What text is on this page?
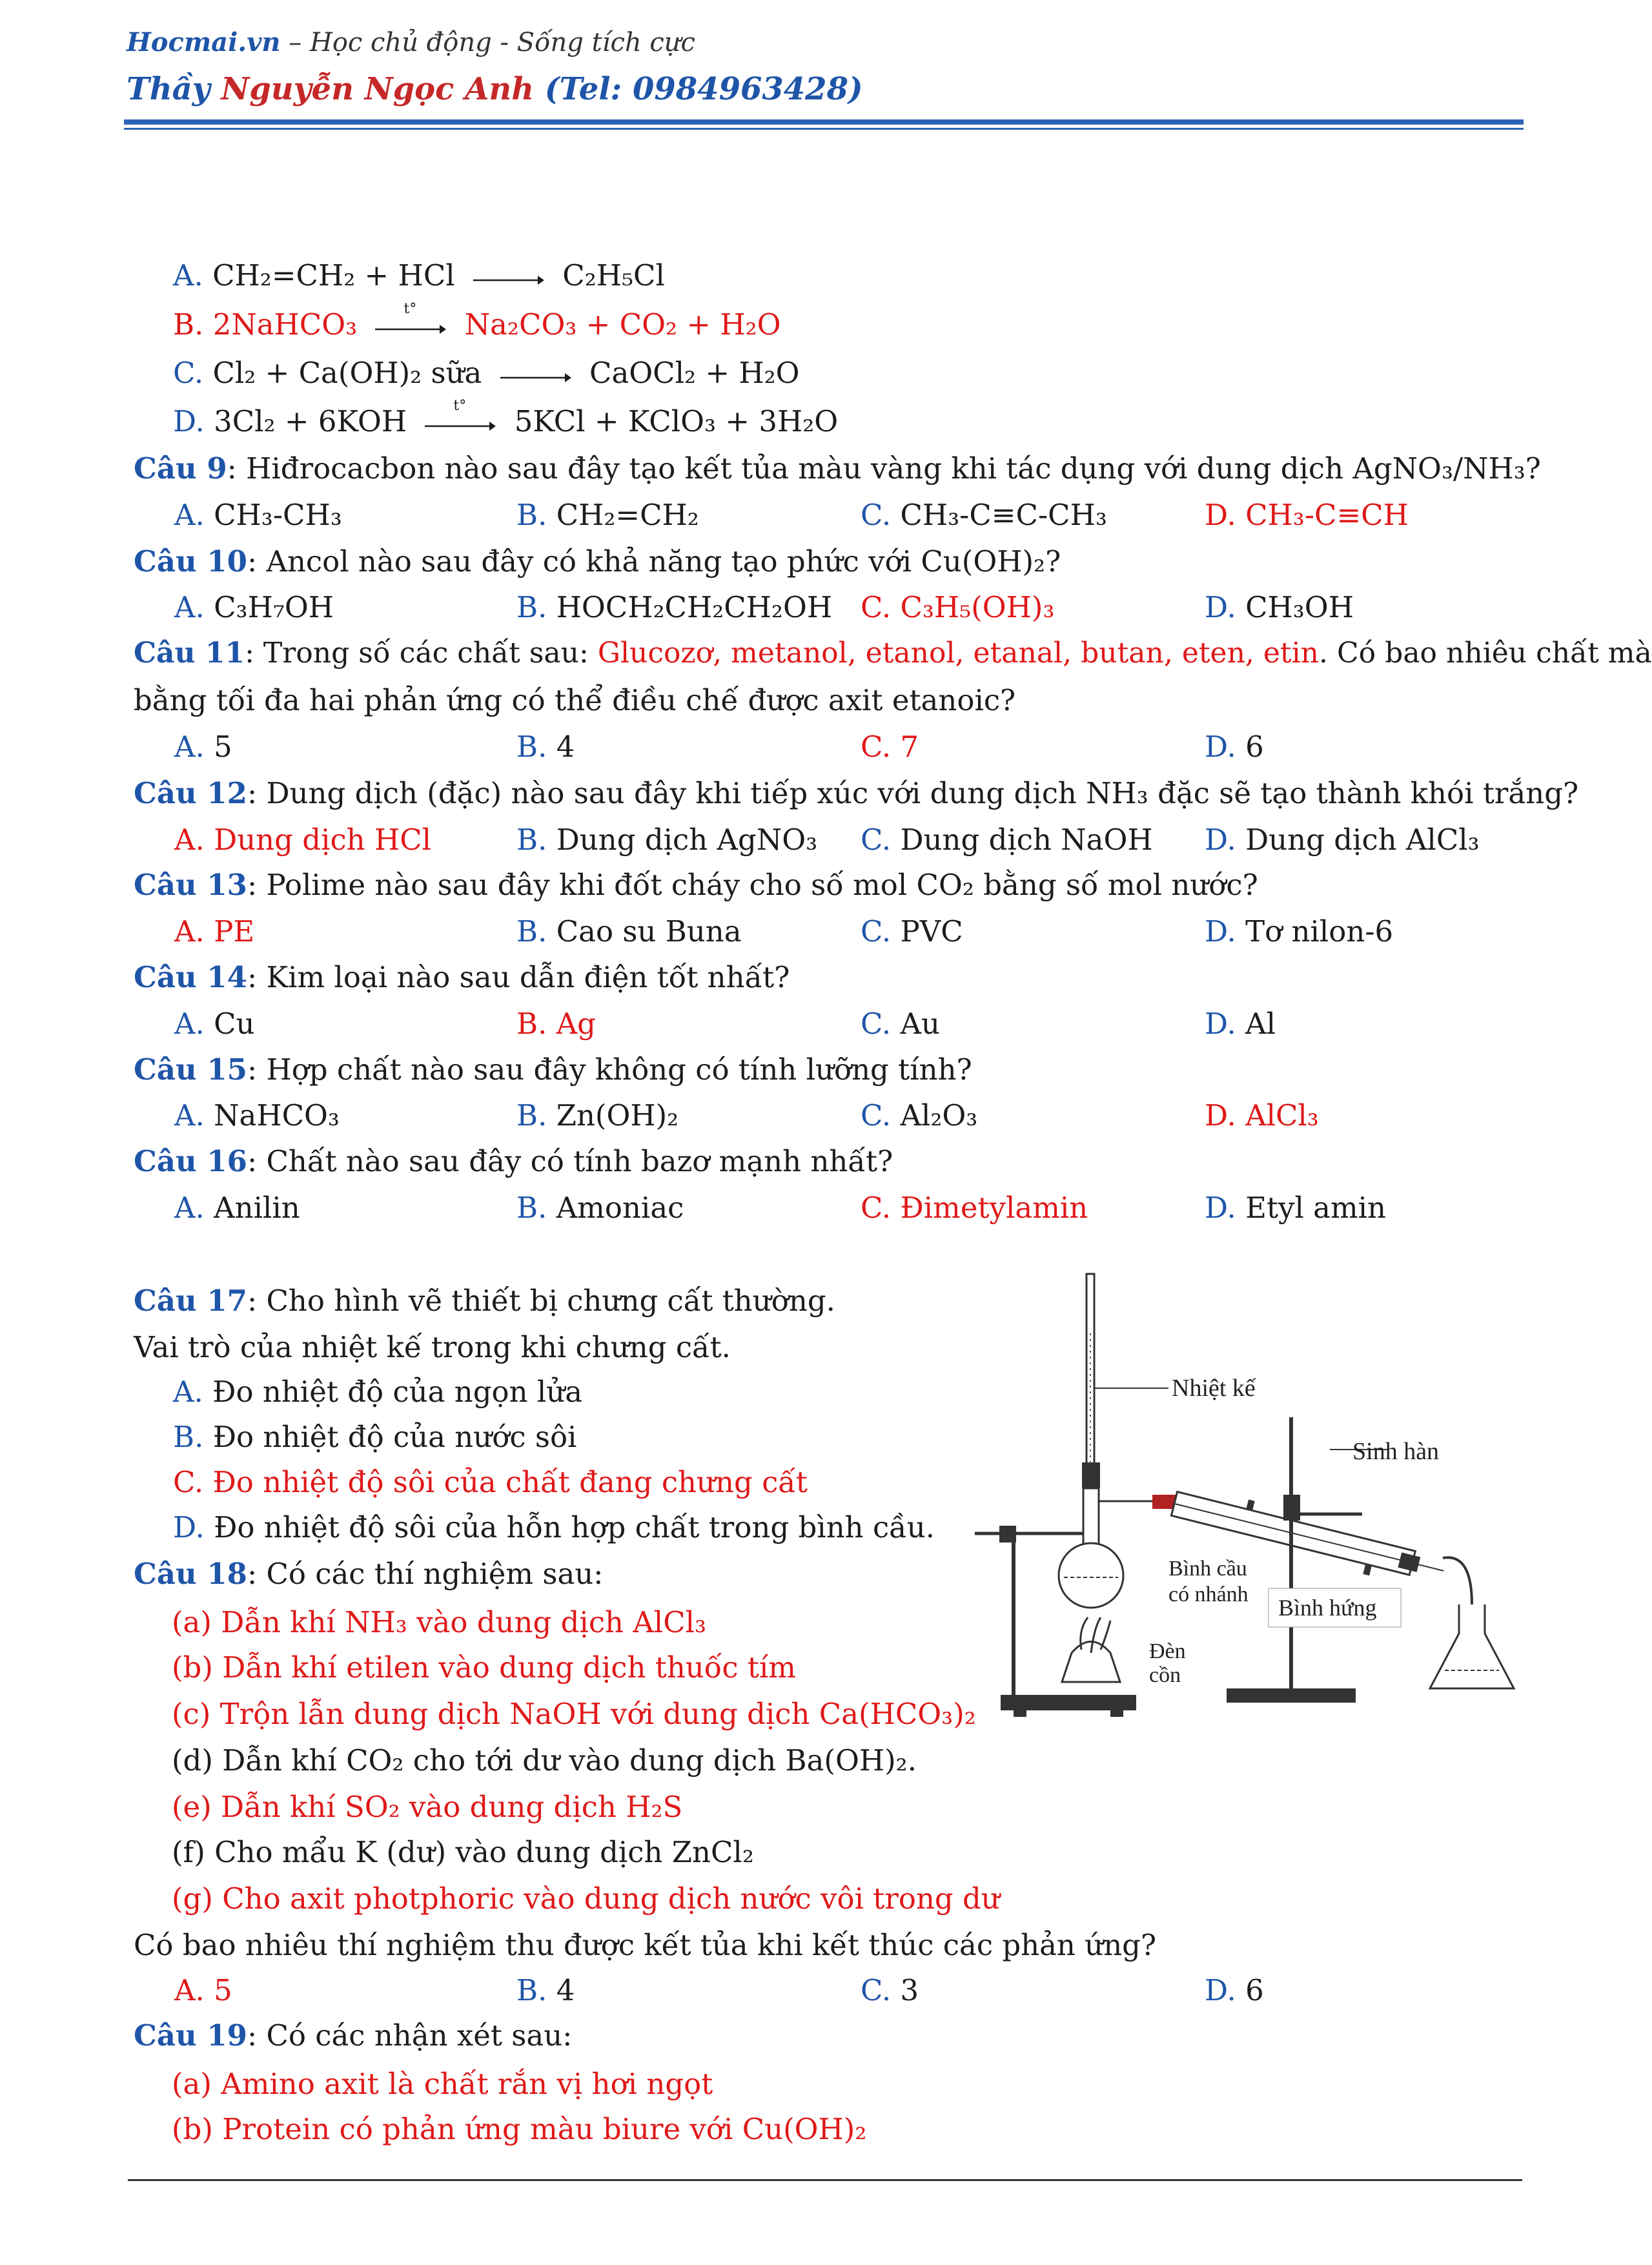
Hocmai.vn – Học chủ động - Sống tích cực
Thầy Nguyễn Ngọc Anh (Tel: 0984963428)
A. CH₂=CH₂ + HCl → C₂H₅Cl
B. 2NaHCO₃	t° Na₂CO₃ + CO₂ + H₂O
C. Cl₂ + Ca(OH)₂ sữa → CaOCl₂ + H₂O
D. 3Cl₂ + 6KOH	t° 5KCl + KClO₃ + 3H₂O
Câu 9: Hiđrocacbon nào sau đây tạo kết tủa màu vàng khi tác dụng với dung dịch AgNO₃/NH₃?
A. CH₃-CH₃	B. CH₂=CH₂	C. CH₃-C≡C-CH₃	D. CH₃-C≡CH
Câu 10: Ancol nào sau đây có khả năng tạo phức với Cu(OH)₂?
A. C₃H₇OH	B. HOCH₂CH₂CH₂OH C. C₃H₅(OH)₃	D. CH₃OH
Câu 11: Trong số các chất sau: Glucozơ, metanol, etanol, etanal, butan, eten, etin. Có bao nhiêu chất mà
bằng tối đa hai phản ứng có thể điều chế được axit etanoic?
A. 5	B. 4	C. 7	D. 6
Câu 12: Dung dịch (đặc) nào sau đây khi tiếp xúc với dung dịch NH₃ đặc sẽ tạo thành khói trắng?
A. Dung dịch HCl	B. Dung dịch AgNO₃ C. Dung dịch NaOH D. Dung dịch AlCl₃
Câu 13: Polime nào sau đây khi đốt cháy cho số mol CO₂ bằng số mol nước?
A. PE	B. Cao su Buna	C. PVC	D. Tơ nilon-6
Câu 14: Kim loại nào sau dẫn điện tốt nhất?
A. Cu	B. Ag	C. Au	D. Al
Câu 15: Hợp chất nào sau đây không có tính lưỡng tính?
A. NaHCO₃	B. Zn(OH)₂	C. Al₂O₃	D. AlCl₃
Câu 16: Chất nào sau đây có tính bazơ mạnh nhất?
A. Anilin	B. Amoniac	C. Đimetylamin	D. Etyl amin
Câu 17: Cho hình vẽ thiết bị chưng cất thường.
Vai trò của nhiệt kế trong khi chưng cất.
A. Đo nhiệt độ của ngọn lửa
B. Đo nhiệt độ của nước sôi
C. Đo nhiệt độ sôi của chất đang chưng cất
D. Đo nhiệt độ sôi của hỗn hợp chất trong bình cầu.
Câu 18: Có các thí nghiệm sau:
(a) Dẫn khí NH₃ vào dung dịch AlCl₃
(b) Dẫn khí etilen vào dung dịch thuốc tím
(c) Trộn lẫn dung dịch NaOH với dung dịch Ca(HCO₃)₂
(d) Dẫn khí CO₂ cho tới dư vào dung dịch Ba(OH)₂.
(e) Dẫn khí SO₂ vào dung dịch H₂S
(f) Cho mẩu K (dư) vào dung dịch ZnCl₂
(g) Cho axit photphoric vào dung dịch nước vôi trong dư
Có bao nhiêu thí nghiệm thu được kết tủa khi kết thúc các phản ứng?
A. 5	B. 4	C. 3	D. 6
Câu 19: Có các nhận xét sau:
(a) Amino axit là chất rắn vị hơi ngọt
(b) Protein có phản ứng màu biure với Cu(OH)₂
Nhiệt kế
Sinh hàn
Bình cầu
có nhánh
Bình hứng
Đèn
cồn
